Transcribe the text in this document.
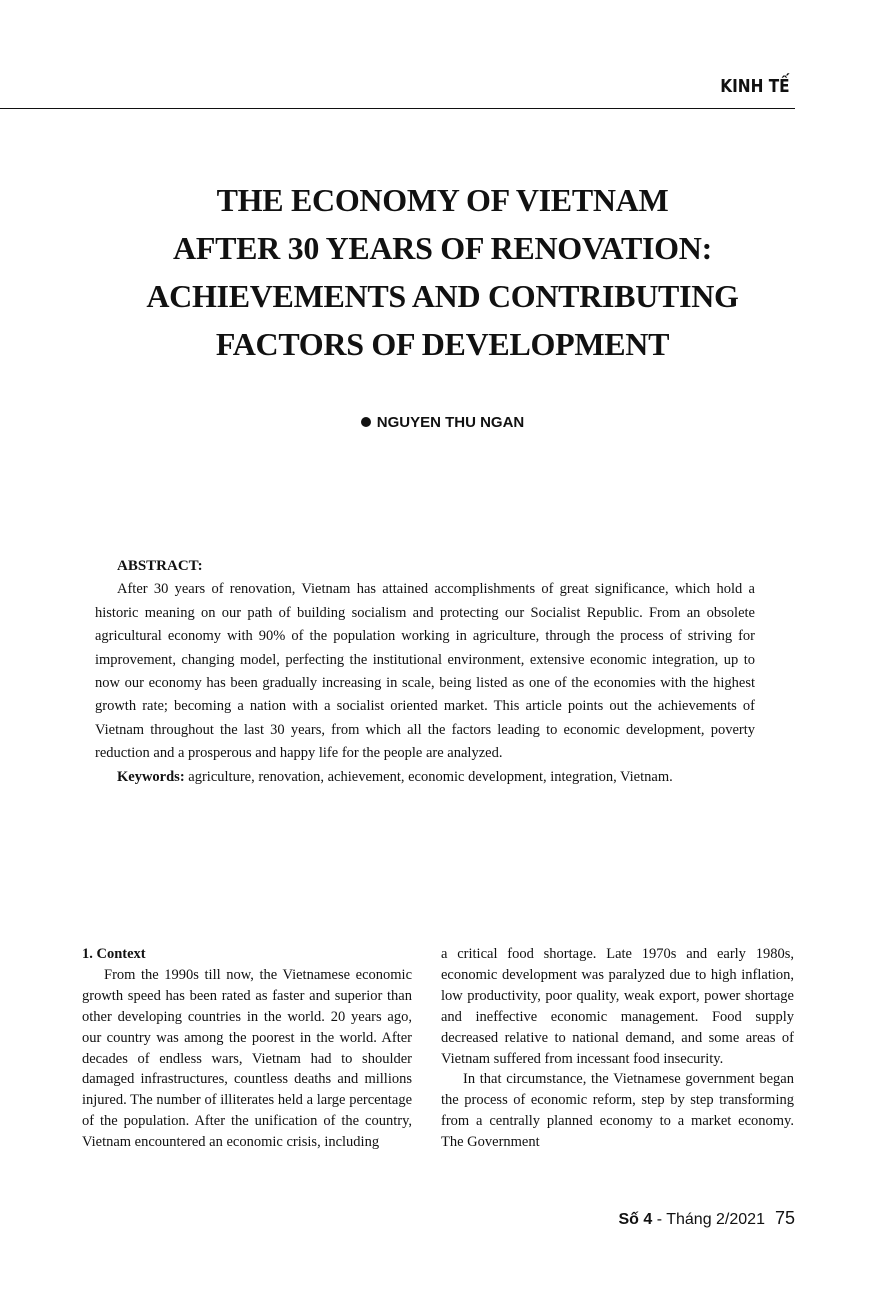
KINH TẾ
THE ECONOMY OF VIETNAM
AFTER 30 YEARS OF RENOVATION:
ACHIEVEMENTS AND CONTRIBUTING
FACTORS OF DEVELOPMENT
NGUYEN THU NGAN
ABSTRACT:

After 30 years of renovation, Vietnam has attained accomplishments of great significance, which hold a historic meaning on our path of building socialism and protecting our Socialist Republic. From an obsolete agricultural economy with 90% of the population working in agriculture, through the process of striving for improvement, changing model, perfecting the institutional environment, extensive economic integration, up to now our economy has been gradually increasing in scale, being listed as one of the economies with the highest growth rate; becoming a nation with a socialist oriented market. This article points out the achievements of Vietnam throughout the last 30 years, from which all the factors leading to economic development, poverty reduction and a prosperous and happy life for the people are analyzed.

Keywords: agriculture, renovation, achievement, economic development, integration, Vietnam.

1. Context

From the 1990s till now, the Vietnamese economic growth speed has been rated as faster and superior than other developing countries in the world. 20 years ago, our country was among the poorest in the world. After decades of endless wars, Vietnam had to shoulder damaged infrastructures, countless deaths and millions injured. The number of illiterates held a large percentage of the population. After the unification of the country, Vietnam encountered an economic crisis, including

a critical food shortage. Late 1970s and early 1980s, economic development was paralyzed due to high inflation, low productivity, poor quality, weak export, power shortage and ineffective economic management. Food supply decreased relative to national demand, and some areas of Vietnam suffered from incessant food insecurity.

In that circumstance, the Vietnamese government began the process of economic reform, step by step transforming from a centrally planned economy to a market economy. The Government

Số 4 - Tháng 2/2021 75
